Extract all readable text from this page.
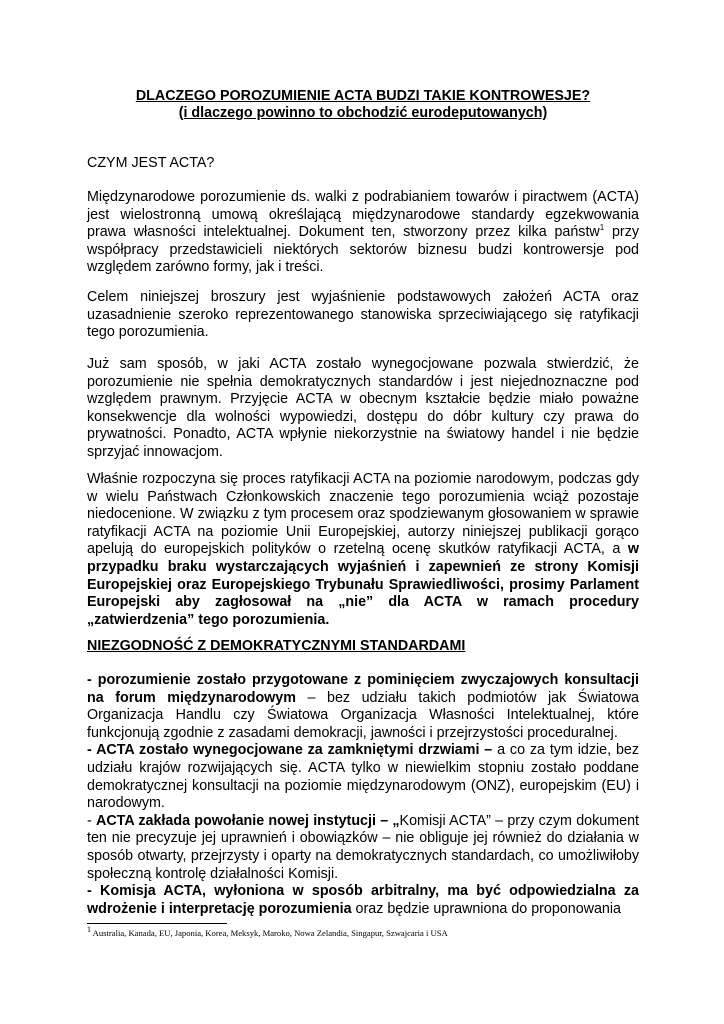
DLACZEGO POROZUMIENIE ACTA BUDZI TAKIE KONTROWESJE?
(i dlaczego powinno to obchodzić eurodeputowanych)
CZYM JEST ACTA?
Międzynarodowe porozumienie ds. walki z podrabianiem towarów i piractwem (ACTA) jest wielostronną umową określającą międzynarodowe standardy egzekwowania prawa własności intelektualnej. Dokument ten, stworzony przez kilka państw$^1$ przy współpracy przedstawicieli niektórych sektorów biznesu budzi kontrowersje pod względem zarówno formy, jak i treści.
Celem niniejszej broszury jest wyjaśnienie podstawowych założeń ACTA oraz uzasadnienie szeroko reprezentowanego stanowiska sprzeciwiającego się ratyfikacji tego porozumienia.
Już sam sposób, w jaki ACTA zostało wynegocjowane pozwala stwierdzić, że porozumienie nie spełnia demokratycznych standardów i jest niejednoznaczne pod względem prawnym. Przyjęcie ACTA w obecnym kształcie będzie miało poważne konsekwencje dla wolności wypowiedzi, dostępu do dóbr kultury czy prawa do prywatności. Ponadto, ACTA wpłynie niekorzystnie na światowy handel i nie będzie sprzyjać innowacjom.
Właśnie rozpoczyna się proces ratyfikacji ACTA na poziomie narodowym, podczas gdy w wielu Państwach Członkowskich znaczenie tego porozumienia wciąż pozostaje niedocenione. W związku z tym procesem oraz spodziewanym głosowaniem w sprawie ratyfikacji ACTA na poziomie Unii Europejskiej, autorzy niniejszej publikacji gorąco apelują do europejskich polityków o rzetelną ocenę skutków ratyfikacji ACTA, a w przypadku braku wystarczających wyjaśnień i zapewnień ze strony Komisji Europejskiej oraz Europejskiego Trybunału Sprawiedliwości, prosimy Parlament Europejski aby zagłosował na „nie” dla ACTA w ramach procedury „zatwierdzenia” tego porozumienia.
NIEZGODNOŚĆ Z DEMOKRATYCZNYMI STANDARDAMI
- porozumienie zostało przygotowane z pominięciem zwyczajowych konsultacji na forum międzynarodowym – bez udziału takich podmiotów jak Światowa Organizacja Handlu czy Światowa Organizacja Własności Intelektualnej, które funkcjonują zgodnie z zasadami demokracji, jawności i przejrzystości proceduralnej.
- ACTA zostało wynegocjowane za zamkniętymi drzwiami – a co za tym idzie, bez udziału krajów rozwijających się. ACTA tylko w niewielkim stopniu zostało poddane demokratycznej konsultacji na poziomie międzynarodowym (ONZ), europejskim (EU) i narodowym.
- ACTA zakłada powołanie nowej instytucji – „Komisji ACTA” – przy czym dokument ten nie precyzuje jej uprawnień i obowiązków – nie obliguje jej również do działania w sposób otwarty, przejrzysty i oparty na demokratycznych standardach, co umożliwiłoby społeczną kontrolę działalności Komisji.
- Komisja ACTA, wyłoniona w sposób arbitralny, ma być odpowiedzialna za wdrożenie i interpretację porozumienia oraz będzie uprawniona do proponowania
$^1$ Australia, Kanada, EU, Japonia, Korea, Meksyk, Maroko, Nowa Zelandia, Singapur, Szwajcaria i USA
